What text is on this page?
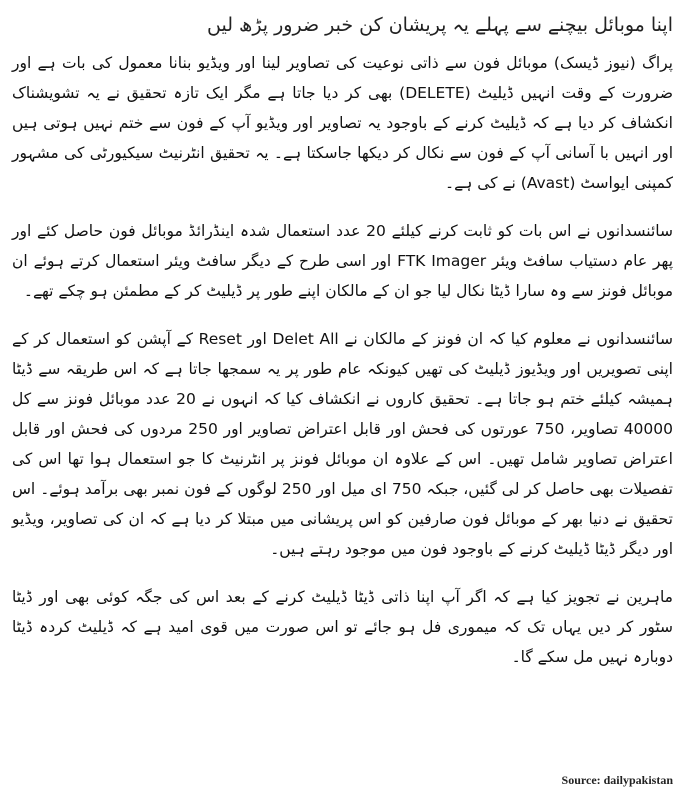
اپنا موبائل بیچنے سے پہلے یہ پریشان کن خبر ضرور پڑھ لیں

پراگ (نیوز ڈیسک) موبائل فون سے ذاتی نوعیت کی تصاویر لینا اور ویڈیو بنانا معمول کی بات ہے اور ضرورت کے وقت انہیں ڈیلیٹ (DELETE) بھی کر دیا جاتا ہے مگر ایک تازہ تحقیق نے یہ تشویشناک انکشاف کر دیا ہے کہ ڈیلیٹ کرنے کے باوجود یہ تصاویر اور ویڈیو آپ کے فون سے ختم نہیں ہوتی ہیں اور انہیں با آسانی آپ کے فون سے نکال کر دیکھا جاسکتا ہے۔ یہ تحقیق انٹرنیٹ سیکیورٹی کی مشہور کمپنی ایواسٹ (Avast) نے کی ہے۔

سائنسدانوں نے اس بات کو ثابت کرنے کیلئے 20 عدد استعمال شدہ اینڈرائڈ موبائل فون حاصل کئے اور پھر عام دستیاب سافٹ ویئر FTK Imager اور اسی طرح کے دیگر سافٹ ویئر استعمال کرتے ہوئے ان موبائل فونز سے وہ سارا ڈیٹا نکال لیا جو ان کے مالکان اپنے طور پر ڈیلیٹ کر کے مطمئن ہو چکے تھے۔

سائنسدانوں نے معلوم کیا کہ ان فونز کے مالکان نے Delet All اور Reset کے آپشن کو استعمال کر کے اپنی تصویریں اور ویڈیوز ڈیلیٹ کی تھیں کیونکہ عام طور پر یہ سمجھا جاتا ہے کہ اس طریقہ سے ڈیٹا ہمیشہ کیلئے ختم ہو جاتا ہے۔ تحقیق کاروں نے انکشاف کیا کہ انہوں نے 20 عدد موبائل فونز سے کل 40000 تصاویر، 750 عورتوں کی فحش اور قابل اعتراض تصاویر اور 250 مردوں کی فحش اور قابل اعتراض تصاویر شامل تھیں۔ اس کے علاوہ ان موبائل فونز پر انٹرنیٹ کا جو استعمال ہوا تھا اس کی تفصیلات بھی حاصل کر لی گئیں، جبکہ 750 ای میل اور 250 لوگوں کے فون نمبر بھی برآمد ہوئے۔ اس تحقیق نے دنیا بھر کے موبائل فون صارفین کو اس پریشانی میں مبتلا کر دیا ہے کہ ان کی تصاویر، ویڈیو اور دیگر ڈیٹا ڈیلیٹ کرنے کے باوجود فون میں موجود رہتے ہیں۔

ماہرین نے تجویز کیا ہے کہ اگر آپ اپنا ذاتی ڈیٹا ڈیلیٹ کرنے کے بعد اس کی جگہ کوئی بھی اور ڈیٹا سٹور کر دیں یہاں تک کہ میموری فل ہو جائے تو اس صورت میں قوی امید ہے کہ ڈیلیٹ کردہ ڈیٹا دوبارہ نہیں مل سکے گا۔

Source: dailypakistan
